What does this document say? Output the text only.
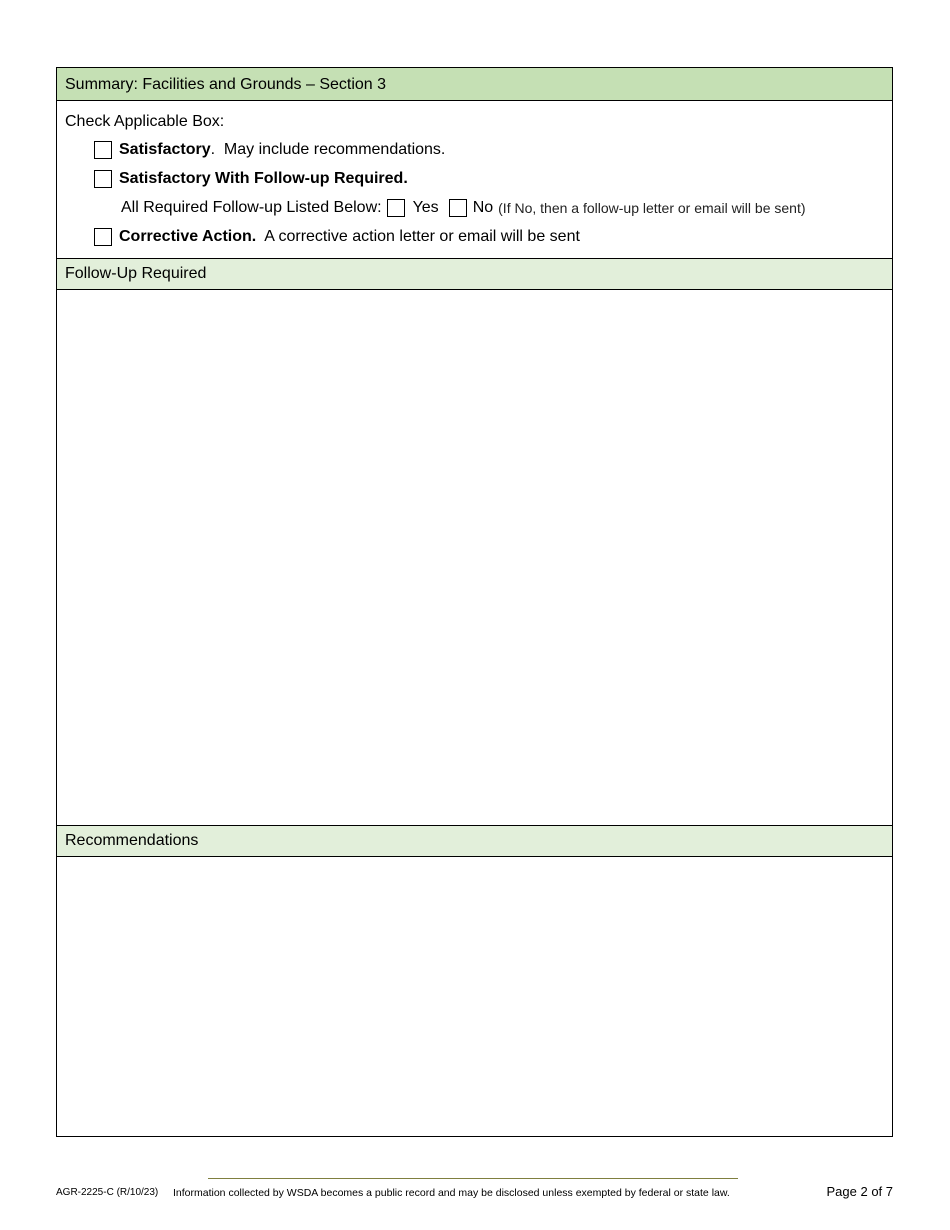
Summary: Facilities and Grounds – Section 3
Check Applicable Box:
Satisfactory .  May include recommendations.
Satisfactory With Follow-up Required.
All Required Follow-up Listed Below: Yes No (If No, then a follow-up letter or email will be sent)
Corrective Action. A corrective action letter or email will be sent
Follow-Up Required
Recommendations
AGR-2225-C (R/10/23) Information collected by WSDA becomes a public record and may be disclosed unless exempted by federal or state law.	Page 2 of 7
